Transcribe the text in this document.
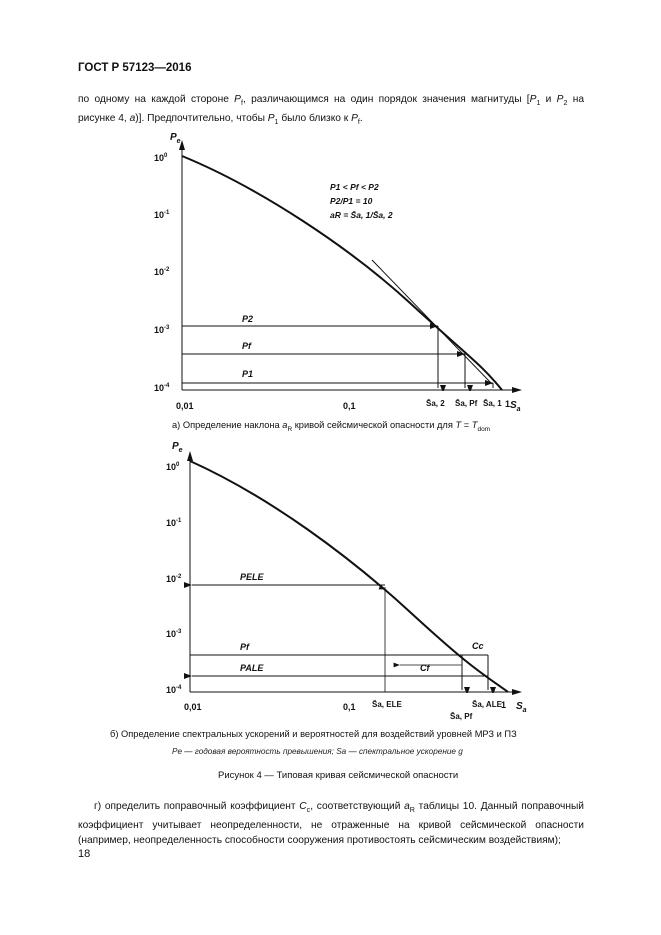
ГОСТ Р 57123—2016
по одному на каждой стороне $P_f$, различающимся на один порядок значения магнитуды [$P_1$ и $P_2$ на рисунке 4, а)]. Предпочтительно, чтобы $P_1$ было близко к $P_f$.
$P_e$
$S_a$
$10^0$
$10^{-1}$
$10^{-2}$
$10^{-3}$
$10^{-4}$
0,01	0,1	1
P2
Pf
P1
P1 < Pf < P2
P2/P1 = 10
aR = S̄a, 1/S̄a, 2
S̄a, 2 S̄a, Pf S̄a, 1
а) Определение наклона $a_R$ кривой сейсмической опасности для $T = T_{dom}$
$P_e$
$S_a$
$10^0$
$10^{-1}$
$10^{-2}$
$10^{-3}$
$10^{-4}$
0,01	0,1	1
PELE
Pf
PALE	Cf
Cc
S̄a, ELE	S̄a, ALE
S̄a, Pf
б) Определение спектральных ускорений и вероятностей для воздействий уровней МРЗ и ПЗ
Pe — годовая вероятность превышения; Sa — спектральное ускорение g
Рисунок 4 — Типовая кривая сейсмической опасности
г) определить поправочный коэффициент $C_c$, соответствующий $a_R$ таблицы 10. Данный поправочный коэффициент учитывает неопределенности, не отраженные на кривой сейсмической опасности (например, неопределенность способности сооружения противостоять сейсмическим воздействиям);
18
